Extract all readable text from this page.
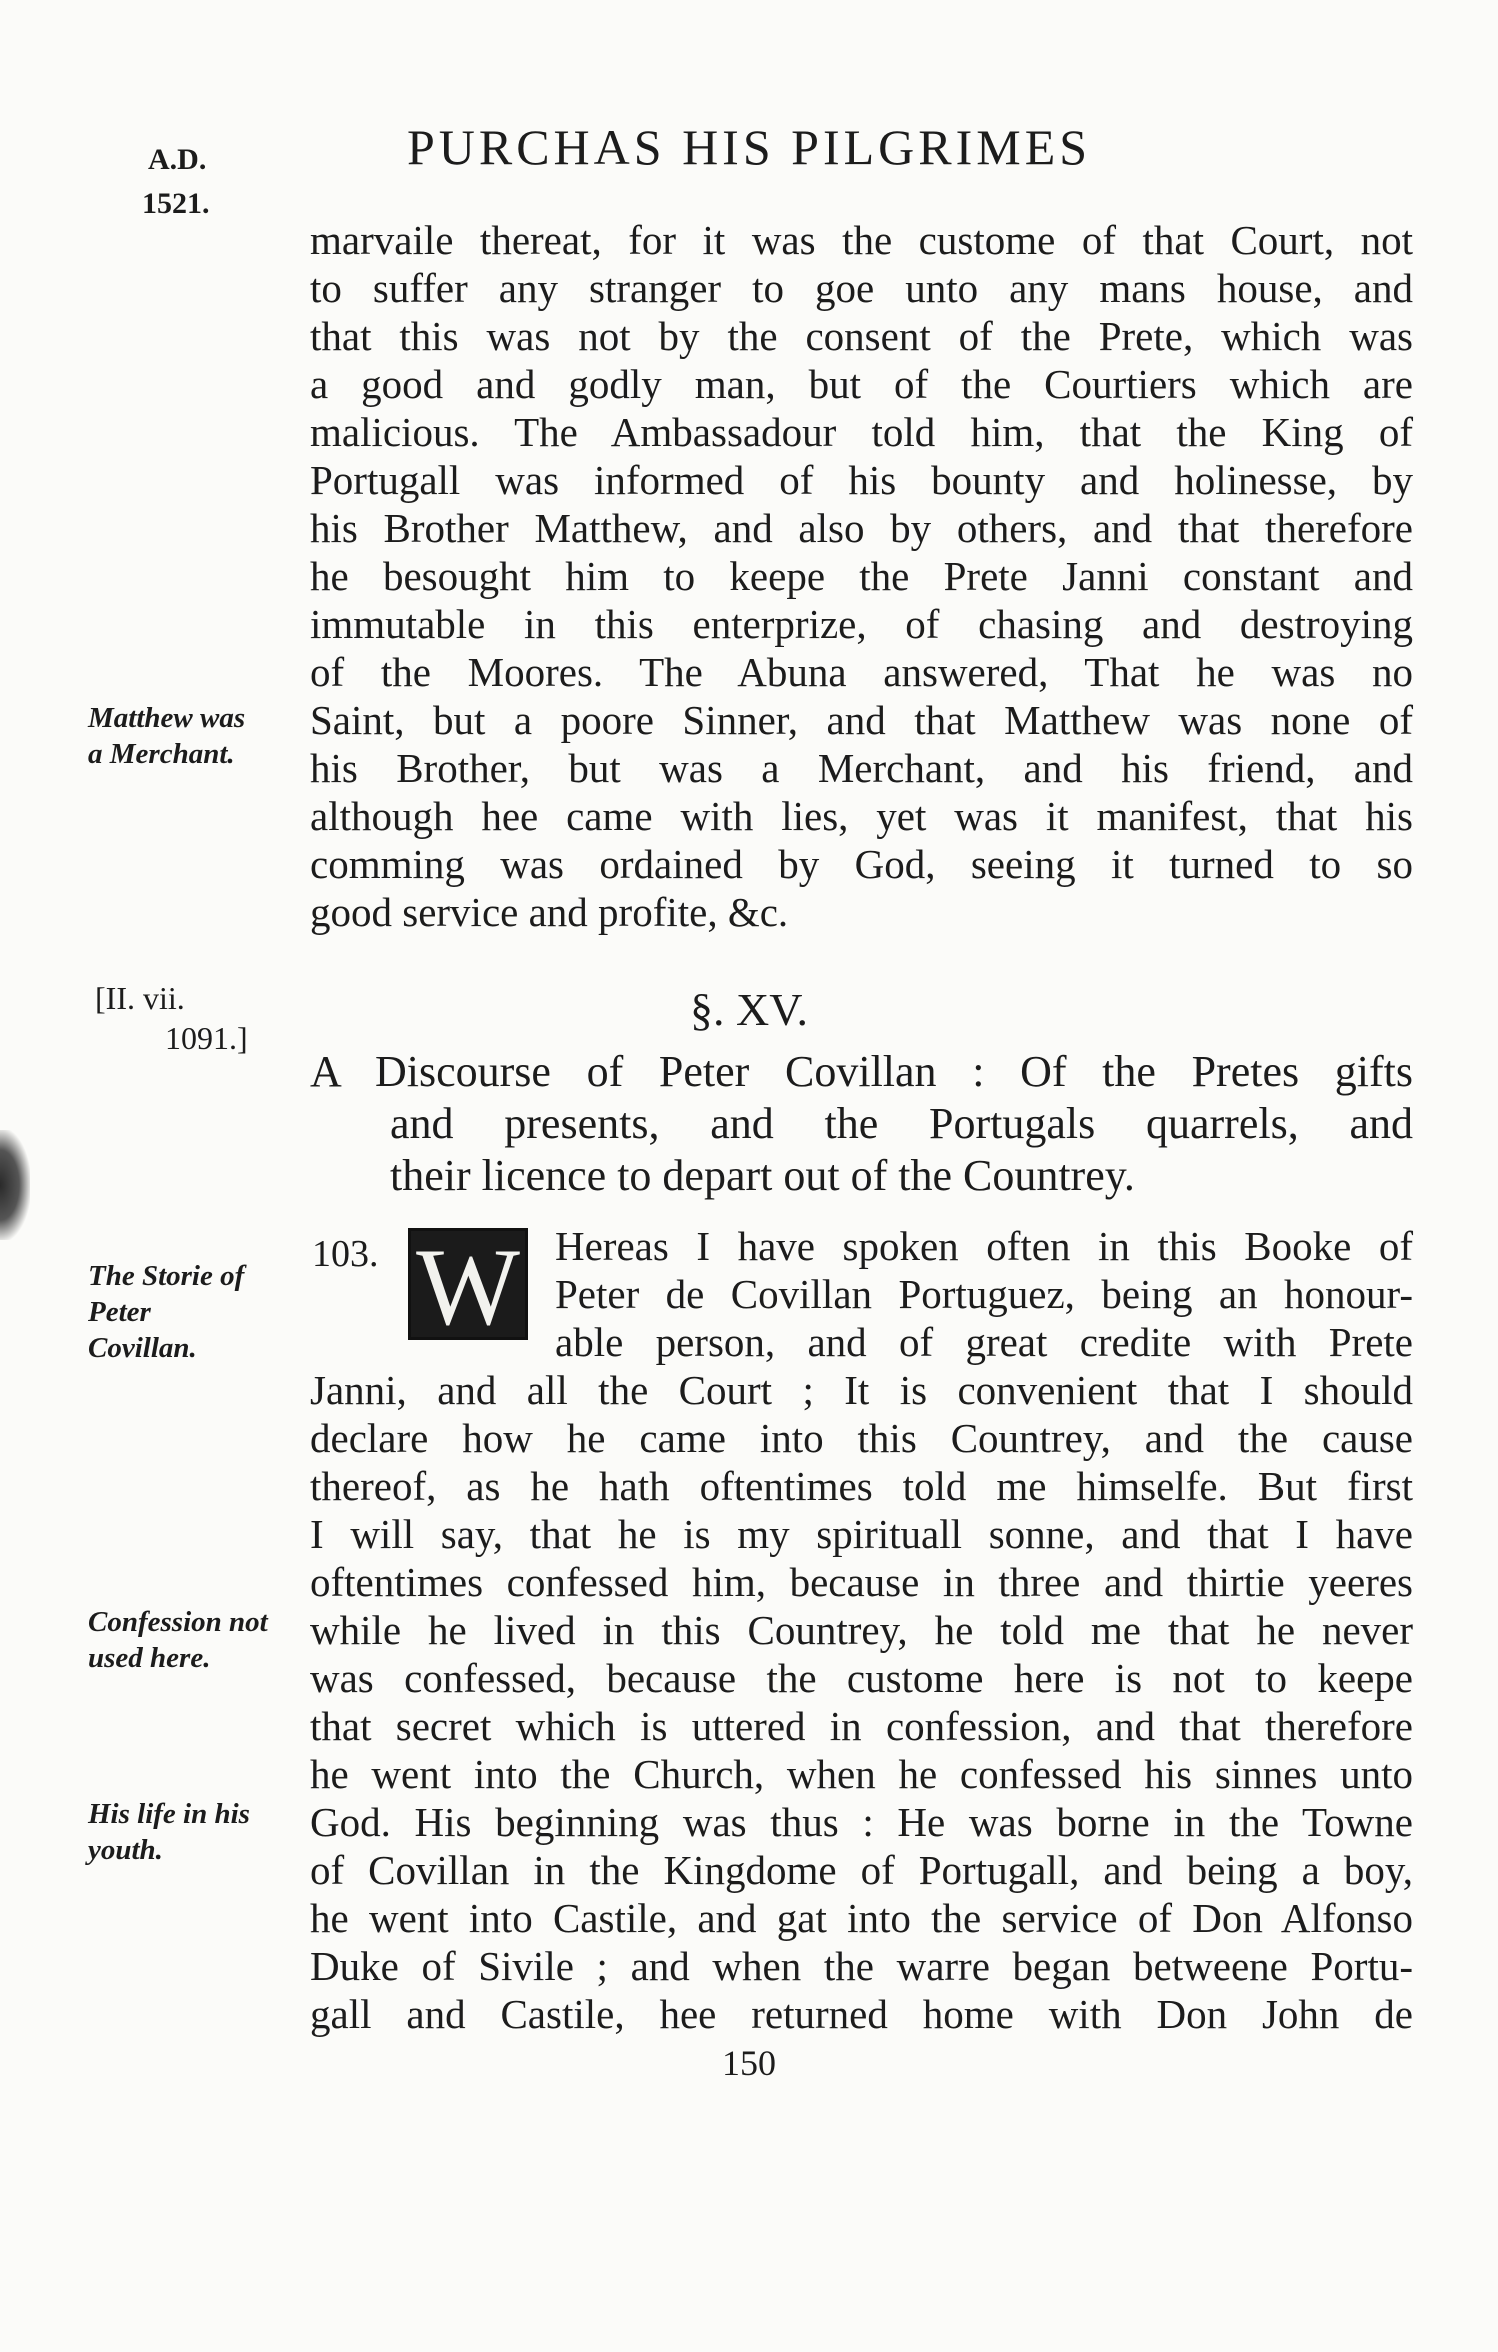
A.D.
1521.
PURCHAS HIS PILGRIMES
marvaile thereat, for it was the custome of that Court, not
to suffer any stranger to goe unto any mans house, and
that this was not by the consent of the Prete, which was
a good and godly man, but of the Courtiers which are
malicious. The Ambassadour told him, that the King of
Portugall was informed of his bounty and holinesse, by
his Brother Matthew, and also by others, and that therefore
he besought him to keepe the Prete Janni constant and
immutable in this enterprize, of chasing and destroying
of the Moores. The Abuna answered, That he was no
Saint, but a poore Sinner, and that Matthew was none of
his Brother, but was a Merchant, and his friend, and
although hee came with lies, yet was it manifest, that his
comming was ordained by God, seeing it turned to so
good service and profite, &c.
Matthew was
a Merchant.
[II. vii.
1091.]
§. XV.
A Discourse of Peter Covillan : Of the Pretes gifts
and presents, and the Portugals quarrels, and
their licence to depart out of the Countrey.
103. W
The Storie of
Peter
Covillan.
Hereas I have spoken often in this Booke of
Peter de Covillan Portuguez, being an honour-
able person, and of great credite with Prete
Janni, and all the Court ; It is convenient that I should
declare how he came into this Countrey, and the cause
thereof, as he hath oftentimes told me himselfe. But first
I will say, that he is my spirituall sonne, and that I have
oftentimes confessed him, because in three and thirtie yeeres
while he lived in this Countrey, he told me that he never
was confessed, because the custome here is not to keepe
that secret which is uttered in confession, and that therefore
he went into the Church, when he confessed his sinnes unto
God. His beginning was thus : He was borne in the Towne
of Covillan in the Kingdome of Portugall, and being a boy,
he went into Castile, and gat into the service of Don Alfonso
Duke of Sivile ; and when the warre began betweene Portu-
gall and Castile, hee returned home with Don John de
Confession not
used here.
His life in his
youth.
150
